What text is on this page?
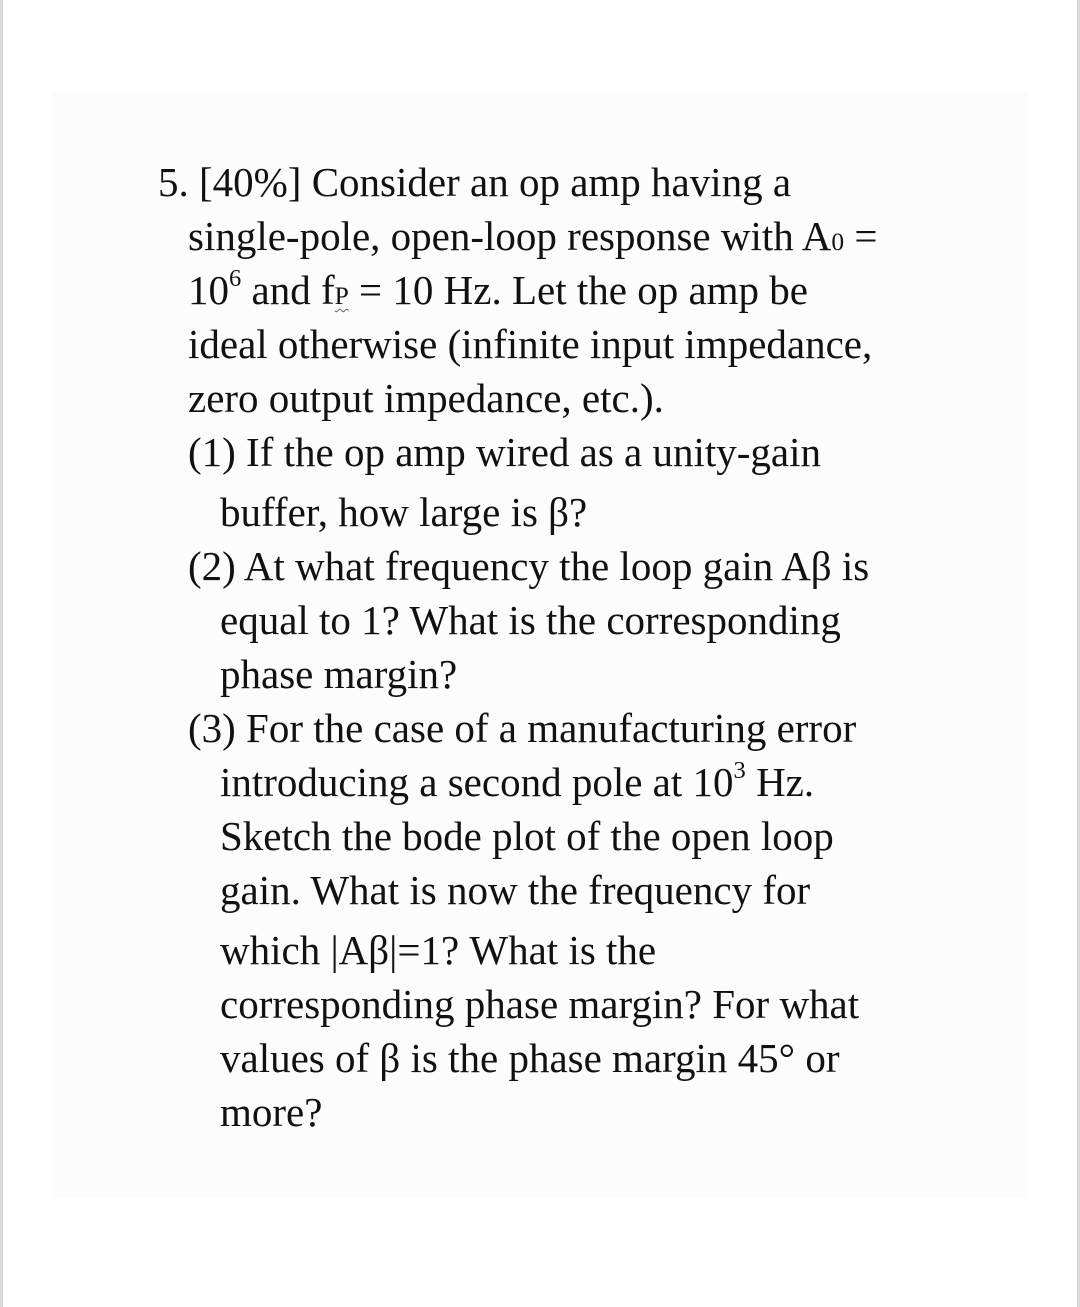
5. [40%] Consider an op amp having a
single-pole, open-loop response with A0 =
$10^6$ and fP = 10 Hz. Let the op amp be
ideal otherwise (infinite input impedance,
zero output impedance, etc.).
(1) If the op amp wired as a unity-gain
buffer, how large is β?
(2) At what frequency the loop gain Aβ is
equal to 1? What is the corresponding
phase margin?
(3) For the case of a manufacturing error
introducing a second pole at $10^3$ Hz.
Sketch the bode plot of the open loop
gain. What is now the frequency for
which |Aβ|=1? What is the
corresponding phase margin? For what
values of β is the phase margin 45° or
more?
